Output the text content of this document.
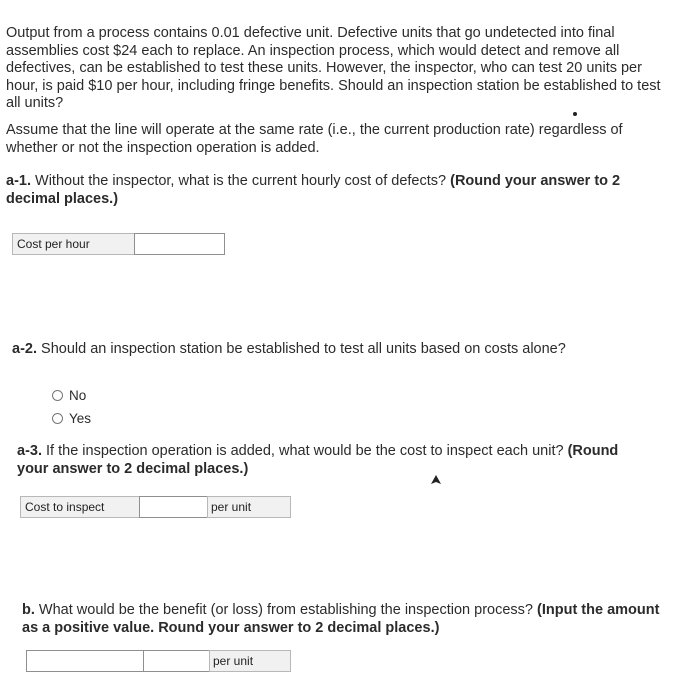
Output from a process contains 0.01 defective unit. Defective units that go undetected into final assemblies cost $24 each to replace. An inspection process, which would detect and remove all defectives, can be established to test these units. However, the inspector, who can test 20 units per hour, is paid $10 per hour, including fringe benefits. Should an inspection station be established to test all units?

Assume that the line will operate at the same rate (i.e., the current production rate) regardless of whether or not the inspection operation is added.

a-1. Without the inspector, what is the current hourly cost of defects? (Round your answer to 2 decimal places.)

Cost per hour

a-2. Should an inspection station be established to test all units based on costs alone?

No
Yes

a-3. If the inspection operation is added, what would be the cost to inspect each unit? (Round your answer to 2 decimal places.)

Cost to inspect	per unit

b. What would be the benefit (or loss) from establishing the inspection process? (Input the amount as a positive value. Round your answer to 2 decimal places.)

per unit
